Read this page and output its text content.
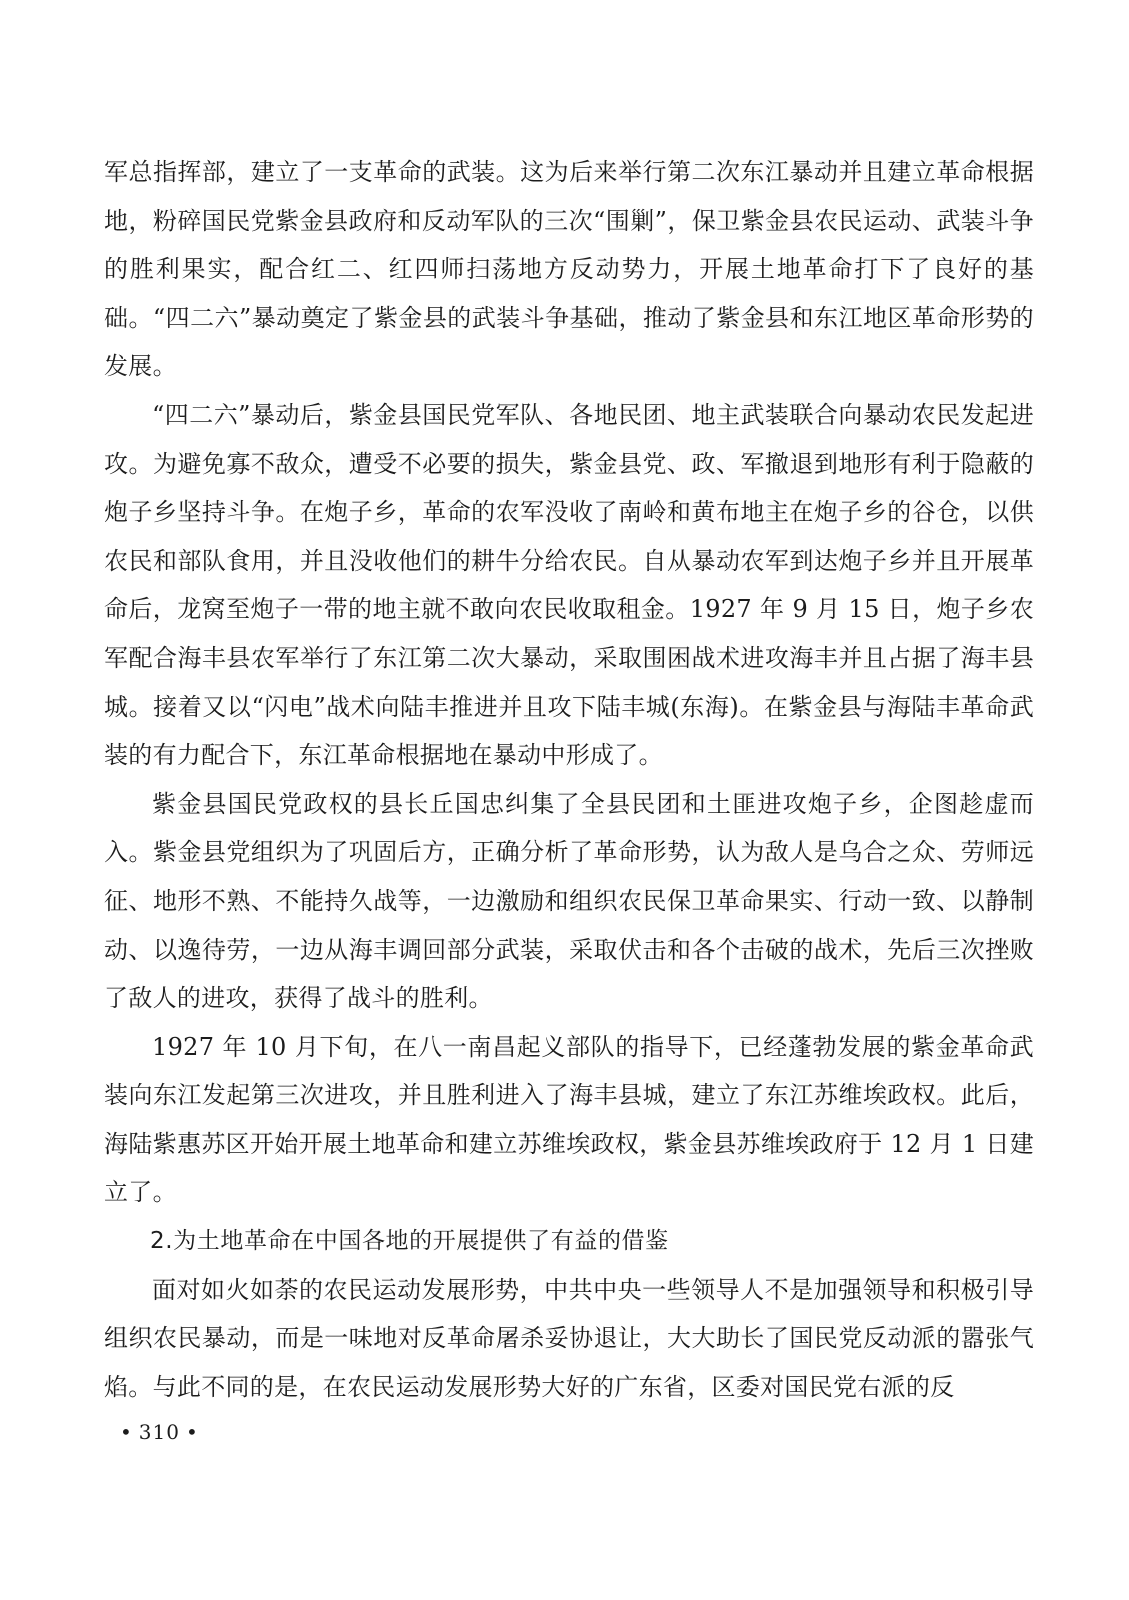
军总指挥部，建立了一支革命的武装。这为后来举行第二次东江暴动并且建立革命根据地，粉碎国民党紫金县政府和反动军队的三次“围剿”，保卫紫金县农民运动、武装斗争的胜利果实，配合红二、红四师扫荡地方反动势力，开展土地革命打下了良好的基础。“四二六”暴动奠定了紫金县的武装斗争基础，推动了紫金县和东江地区革命形势的发展。

“四二六”暴动后，紫金县国民党军队、各地民团、地主武装联合向暴动农民发起进攻。为避免寡不敌众，遭受不必要的损失，紫金县党、政、军撤退到地形有利于隐蔽的炮子乡坚持斗争。在炮子乡，革命的农军没收了南岭和黄布地主在炮子乡的谷仓，以供农民和部队食用，并且没收他们的耕牛分给农民。自从暴动农军到达炮子乡并且开展革命后，龙窝至炮子一带的地主就不敢向农民收取租金。1927 年 9 月 15 日，炮子乡农军配合海丰县农军举行了东江第二次大暴动，采取围困战术进攻海丰并且占据了海丰县城。接着又以“闪电”战术向陆丰推进并且攻下陆丰城(东海)。在紫金县与海陆丰革命武装的有力配合下，东江革命根据地在暴动中形成了。

紫金县国民党政权的县长丘国忠纠集了全县民团和土匪进攻炮子乡，企图趁虚而入。紫金县党组织为了巩固后方，正确分析了革命形势，认为敌人是乌合之众、劳师远征、地形不熟、不能持久战等，一边激励和组织农民保卫革命果实、行动一致、以静制动、以逸待劳，一边从海丰调回部分武装，采取伏击和各个击破的战术，先后三次挫败了敌人的进攻，获得了战斗的胜利。

1927 年 10 月下旬，在八一南昌起义部队的指导下，已经蓬勃发展的紫金革命武装向东江发起第三次进攻，并且胜利进入了海丰县城，建立了东江苏维埃政权。此后，海陆紫惠苏区开始开展土地革命和建立苏维埃政权，紫金县苏维埃政府于 12 月 1 日建立了。

2.为土地革命在中国各地的开展提供了有益的借鉴

面对如火如荼的农民运动发展形势，中共中央一些领导人不是加强领导和积极引导组织农民暴动，而是一味地对反革命屠杀妥协退让，大大助长了国民党反动派的嚣张气焰。与此不同的是，在农民运动发展形势大好的广东省，区委对国民党右派的反

• 310 •
